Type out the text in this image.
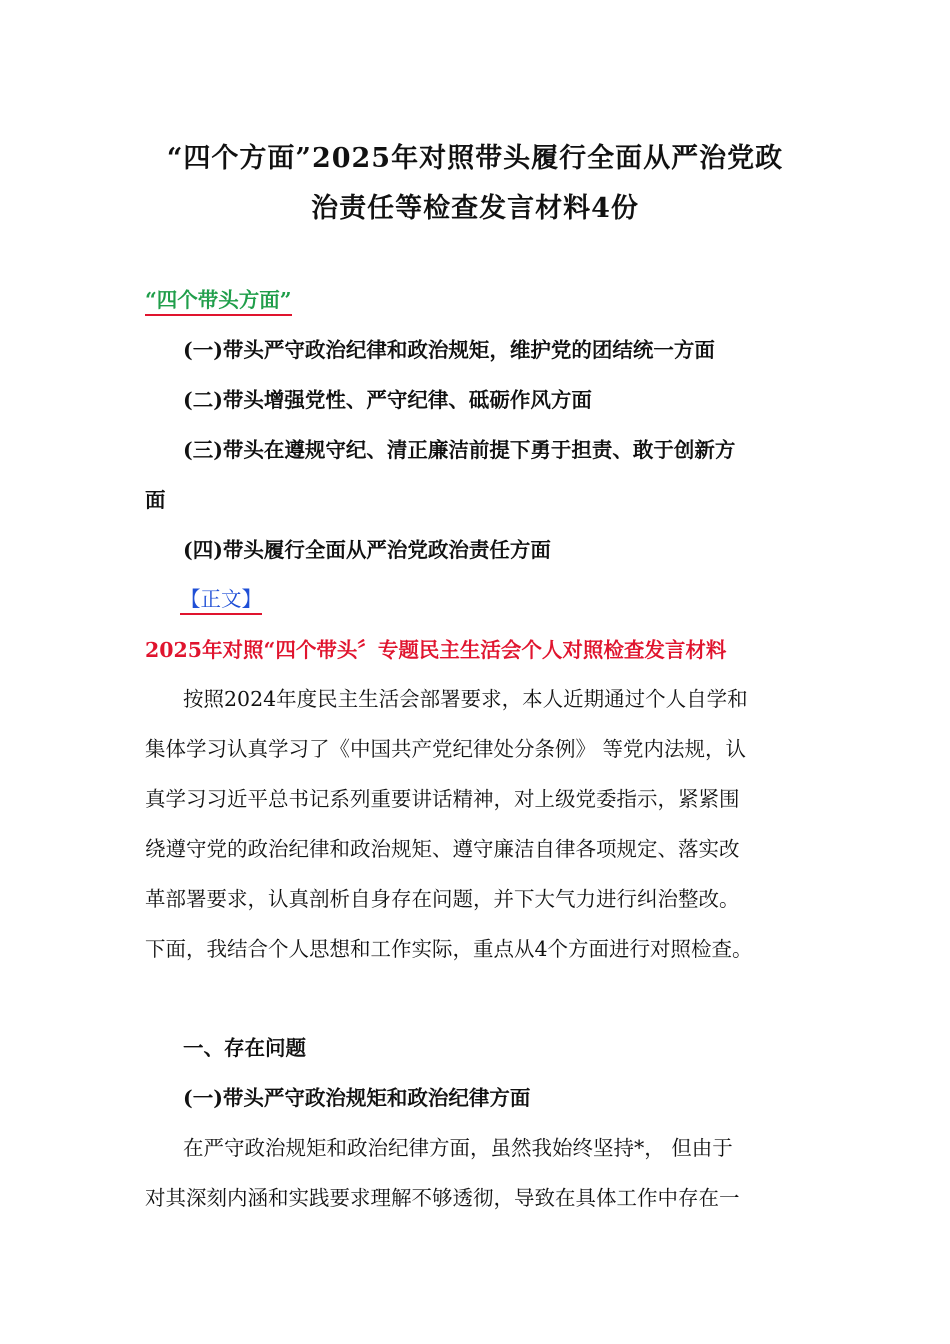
“四个方面”2025年对照带头履行全面从严治党政
治责任等检查发言材料4份
“四个带头方面”
(一)带头严守政治纪律和政治规矩，维护党的团结统一方面
(二)带头增强党性、严守纪律、砥砺作风方面
(三)带头在遵规守纪、清正廉洁前提下勇于担责、敢于创新方
面
(四)带头履行全面从严治党政治责任方面
【正文】
2025年对照“四个带头〞专题民主生活会个人对照检查发言材料
按照2024年度民主生活会部署要求，本人近期通过个人自学和
集体学习认真学习了《中国共产党纪律处分条例》 等党内法规，认
真学习习近平总书记系列重要讲话精神，对上级党委指示，紧紧围
绕遵守党的政治纪律和政治规矩、遵守廉洁自律各项规定、落实改
革部署要求，认真剖析自身存在问题，并下大气力进行纠治整改。
下面，我结合个人思想和工作实际，重点从4个方面进行对照检查。
一、存在问题
(一)带头严守政治规矩和政治纪律方面
在严守政治规矩和政治纪律方面，虽然我始终坚持*， 但由于
对其深刻内涵和实践要求理解不够透彻，导致在具体工作中存在一
